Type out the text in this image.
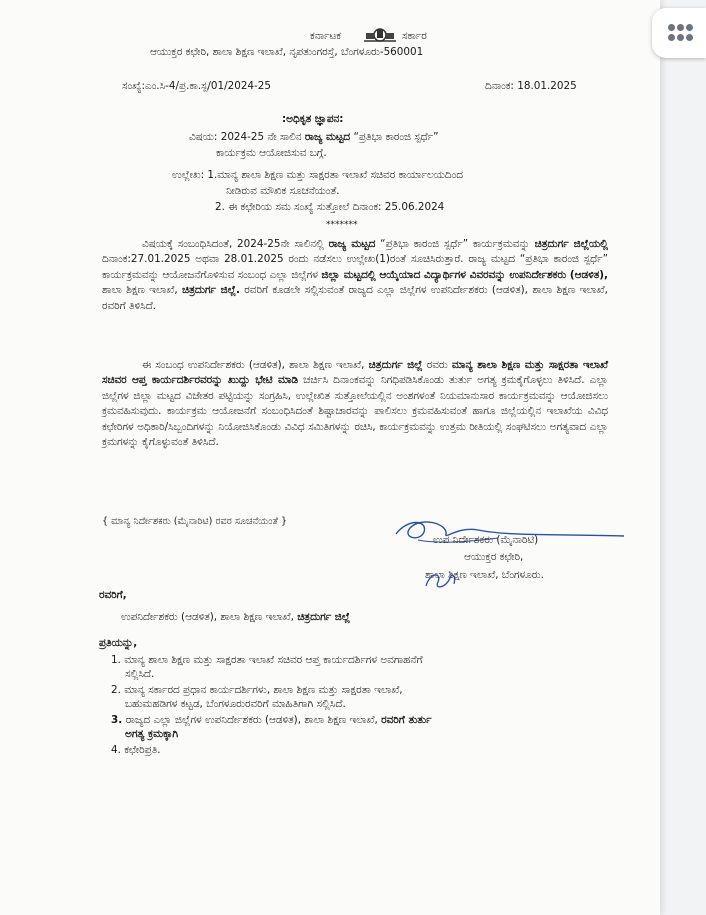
ಕರ್ನಾಟಕ	ಸರ್ಕಾರ
ಆಯುಕ್ತರ ಕಛೇರಿ, ಶಾಲಾ ಶಿಕ್ಷಣ ಇಲಾಖೆ, ನೃಪತುಂಗರಸ್ತೆ, ಬೆಂಗಳೂರು-560001
ಸಂಖ್ಯೆ:ಎಂ.ಸಿ-4/ಪ್ರ.ಕಾ.ಸ್ಪ/01/2024-25	ದಿನಾಂಕ: 18.01.2025
:ಅಧಿಕೃತ ಜ್ಞಾಪನ:
ವಿಷಯ: 2024-25 ನೇ ಸಾಲಿನ ರಾಜ್ಯ ಮಟ್ಟದ “ಪ್ರತಿಭಾ ಕಾರಂಜಿ ಸ್ಪರ್ಧೆ”
ಕಾರ್ಯಕ್ರಮ ಆಯೋಜಿಸುವ ಬಗ್ಗೆ.
ಉಲ್ಲೇಖ: 1.ಮಾನ್ಯ ಶಾಲಾ ಶಿಕ್ಷಣ ಮತ್ತು ಸಾಕ್ಷರತಾ ಇಲಾಖೆ ಸಚಿವರ ಕಾರ್ಯಾಲಯದಿಂದ
ನೀಡಿರುವ ಮೌಖಿಕ ಸೂಚನೆಯಂತೆ.
2. ಈ ಕಛೇರಿಯ ಸಮ ಸಂಖ್ಯೆ ಸುತ್ತೋಲೆ ದಿನಾಂಕ: 25.06.2024
*******
ವಿಷಯಕ್ಕೆ ಸಂಬಂಧಿಸಿದಂತೆ, 2024-25ನೇ ಸಾಲಿನಲ್ಲಿ ರಾಜ್ಯ ಮಟ್ಟದ “ಪ್ರತಿಭಾ ಕಾರಂಜಿ ಸ್ಪರ್ಧೆ” ಕಾರ್ಯಕ್ರಮವನ್ನು ಚಿತ್ರದುರ್ಗ ಜಿಲ್ಲೆಯಲ್ಲಿ ದಿನಾಂಕ:27.01.2025 ಅಥವಾ 28.01.2025 ರಂದು ನಡೆಸಲು ಉಲ್ಲೇಖ(1)ರಂತೆ ಸೂಚಿಸಿರುತ್ತಾರೆ. ರಾಜ್ಯ ಮಟ್ಟದ “ಪ್ರತಿಭಾ ಕಾರಂಜಿ ಸ್ಪರ್ಧೆ” ಕಾರ್ಯಕ್ರಮವನ್ನು ಆಯೋಜನೆಗೊಳಿಸುವ ಸಂಬಂಧ ಎಲ್ಲಾ ಜಿಲ್ಲೆಗಳ ಜಿಲ್ಲಾ ಮಟ್ಟದಲ್ಲಿ ಆಯ್ಕೆಯಾದ ವಿದ್ಯಾರ್ಥಿಗಳ ವಿವರವನ್ನು ಉಪನಿರ್ದೇಶಕರು (ಆಡಳಿತ), ಶಾಲಾ ಶಿಕ್ಷಣ ಇಲಾಖೆ, ಚಿತ್ರದುರ್ಗ ಜಿಲ್ಲೆ. ರವರಿಗೆ ಕೂಡಲೇ ಸಲ್ಲಿಸುವಂತೆ ರಾಜ್ಯದ ಎಲ್ಲಾ ಜಿಲ್ಲೆಗಳ ಉಪನಿರ್ದೇಶಕರು (ಆಡಳಿತ), ಶಾಲಾ ಶಿಕ್ಷಣ ಇಲಾಖೆ, ರವರಿಗೆ ತಿಳಿಸಿದೆ.
ಈ ಸಂಬಂಧ ಉಪನಿರ್ದೇಶಕರು (ಆಡಳಿತ), ಶಾಲಾ ಶಿಕ್ಷಣ ಇಲಾಖೆ, ಚಿತ್ರದುರ್ಗ ಜಿಲ್ಲೆ ರವರು ಮಾನ್ಯ ಶಾಲಾ ಶಿಕ್ಷಣ ಮತ್ತು ಸಾಕ್ಷರತಾ ಇಲಾಖೆ ಸಚಿವರ ಆಪ್ತ ಕಾರ್ಯದರ್ಶಿರವರನ್ನು ಖುದ್ದು ಭೇಟಿ ಮಾಡಿ ಚರ್ಚಿಸಿ ದಿನಾಂಕವನ್ನು ನಿಗಧಿಪಡಿಸಿಕೊಂಡು ತುರ್ತು ಅಗತ್ಯ ಕ್ರಮಕೈಗೊಳ್ಳಲು ತಿಳಿಸಿದೆ. ಎಲ್ಲಾ ಜಿಲ್ಲೆಗಳ ಜಿಲ್ಲಾ ಮಟ್ಟದ ವಿಜೇತರ ಪಟ್ಟಿಯನ್ನು ಸಂಗ್ರಹಿಸಿ, ಉಲ್ಲೇಖಿತ ಸುತ್ತೋಲೆಯಲ್ಲಿನ ಅಂಶಗಳಂತೆ ನಿಯಮಾನುಸಾರ ಕಾರ್ಯಕ್ರಮವನ್ನು ಆಯೋಜಿಸಲು ಕ್ರಮವಹಿಸುವುದು. ಕಾರ್ಯಕ್ರಮ ಆಯೋಜನೆಗೆ ಸಂಬಂಧಿಸಿದಂತೆ ಶಿಷ್ಟಾಚಾರವನ್ನು ಪಾಲಿಸಲು ಕ್ರಮವಹಿಸುವಂತೆ ಹಾಗೂ ಜಿಲ್ಲೆಯಲ್ಲಿನ ಇಲಾಖೆಯ ವಿವಿಧ ಕಛೇರಿಗಳ ಅಧಿಕಾರಿ/ಸಿಬ್ಬಂದಿಗಳನ್ನು ನಿಯೋಜಿಸಿಕೊಂಡು ವಿವಿಧ ಸಮಿತಿಗಳನ್ನು ರಚಿಸಿ, ಕಾರ್ಯಕ್ರಮವನ್ನು ಉತ್ತಮ ರೀತಿಯಲ್ಲಿ ಸಂಘಟಿಸಲು ಅಗತ್ಯವಾದ ಎಲ್ಲಾ ಕ್ರಮಗಳನ್ನು ಕೈಗೊಳ್ಳುವಂತೆ ತಿಳಿಸಿದೆ.
{ ಮಾನ್ಯ ನಿರ್ದೇಶಕರು (ಮೈನಾರಿಟಿ) ರವರ ಸೂಚನೆಯಂತೆ }
ಉಪ ನಿರ್ದೇಶಕರು (ಮೈನಾರಿಟಿ)
ಆಯುಕ್ತರ ಕಛೇರಿ,
ಶಾಲಾ ಶಿಕ್ಷಣ ಇಲಾಖೆ, ಬೆಂಗಳೂರು.
ರವರಿಗೆ,
ಉಪನಿರ್ದೇಶಕರು (ಆಡಳಿತ), ಶಾಲಾ ಶಿಕ್ಷಣ ಇಲಾಖೆ, ಚಿತ್ರದುರ್ಗ ಜಿಲ್ಲೆ
ಪ್ರತಿಯನ್ನು,
1. ಮಾನ್ಯ ಶಾಲಾ ಶಿಕ್ಷಣ ಮತ್ತು ಸಾಕ್ಷರತಾ ಇಲಾಖೆ ಸಚಿವರ ಆಪ್ತ ಕಾರ್ಯದರ್ಶಿಗಳ ಅವಗಾಹನೆಗೆ
ಸಲ್ಲಿಸಿದೆ.
2. ಮಾನ್ಯ ಸರ್ಕಾರದ ಪ್ರಧಾನ ಕಾರ್ಯದರ್ಶಿಗಳು, ಶಾಲಾ ಶಿಕ್ಷಣ ಮತ್ತು ಸಾಕ್ಷರತಾ ಇಲಾಖೆ,
ಬಹುಮಹಡಿಗಳ ಕಟ್ಟಡ, ಬೆಂಗಳೂರುರವರಿಗೆ ಮಾಹಿತಿಗಾಗಿ ಸಲ್ಲಿಸಿದೆ.
3. ರಾಜ್ಯದ ಎಲ್ಲಾ ಜಿಲ್ಲೆಗಳ ಉಪನಿರ್ದೇಶಕರು (ಆಡಳಿತ), ಶಾಲಾ ಶಿಕ್ಷಣ ಇಲಾಖೆ, ರವರಿಗೆ ತುರ್ತು
ಅಗತ್ಯ ಕ್ರಮಕ್ಕಾಗಿ
4. ಕಛೇರಿಪ್ರತಿ.
